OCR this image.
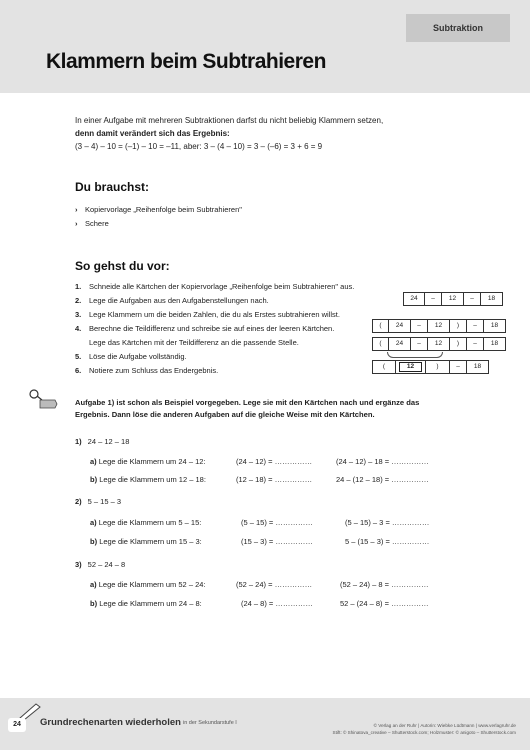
Subtraktion
Klammern beim Subtrahieren
In einer Aufgabe mit mehreren Subtraktionen darfst du nicht beliebig Klammern setzen,
denn damit verändert sich das Ergebnis:
(3 – 4) – 10 = (–1) – 10 = –11, aber: 3 – (4 – 10) = 3 – (–6) = 3 + 6 = 9
Du brauchst:
› Kopiervorlage „Reihenfolge beim Subtrahieren"
› Schere
So gehst du vor:
1.	Schneide alle Kärtchen der Kopiervorlage „Reihenfolge beim Subtrahieren" aus.
2.	Lege die Aufgaben aus den Aufgabenstellungen nach.
3.	Lege Klammern um die beiden Zahlen, die du als Erstes subtrahieren willst.
4.	Berechne die Teildifferenz und schreibe sie auf eines der leeren Kärtchen.
Lege das Kärtchen mit der Teildifferenz an die passende Stelle.
5.	Löse die Aufgabe vollständig.
6.	Notiere zum Schluss das Endergebnis.
24	–	12	–	18
(	24	–	12	)	–	18
(	24	–	12	)	–	18
(	12	)	–	18
Aufgabe 1) ist schon als Beispiel vorgegeben. Lege sie mit den Kärtchen nach und ergänze das Ergebnis. Dann löse die anderen Aufgaben auf die gleiche Weise mit den Kärtchen.
1) 24 – 12 – 18
a) Lege die Klammern um 24 – 12:	(24 – 12) = ……………	(24 – 12) – 18 = ……………
b) Lege die Klammern um 12 – 18:	(12 – 18) = ……………	24 – (12 – 18) = ……………
2) 5 – 15 – 3
a) Lege die Klammern um 5 – 15:	(5 – 15) = ……………	(5 – 15) – 3 = ……………
b) Lege die Klammern um 15 – 3:	(15 – 3) = ……………	5 – (15 – 3) = ……………
3) 52 – 24 – 8
a) Lege die Klammern um 52 – 24:	(52 – 24) = ……………	(52 – 24) – 8 = ……………
b) Lege die Klammern um 24 – 8:	(24 – 8) = ……………	52 – (24 – 8) = ……………
24	Grundrechenarten wiederholen in der Sekundarstufe I	© Verlag an der Ruhr | Autorin: Wiebke Lüdtmann | www.verlagruhr.de
Stift: © Shinatova_creative – Shutterstock.com; Holzmuster: © anigoto – Shutterstock.com
